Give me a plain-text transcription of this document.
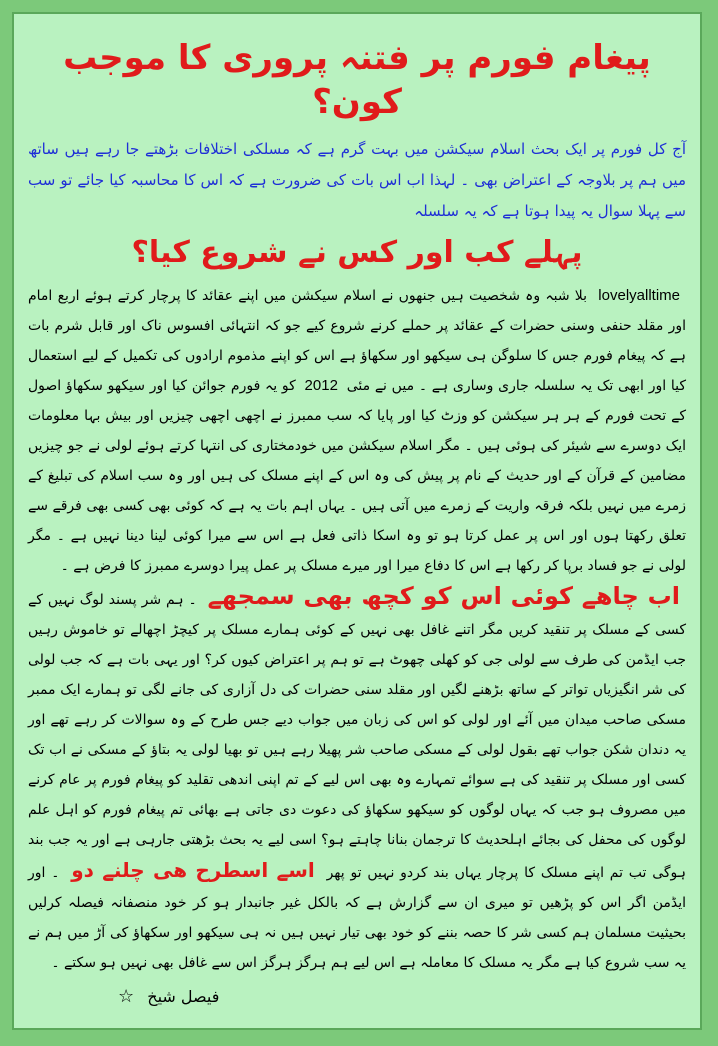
پیغام فورم پر فتنہ پروری کا موجب کون؟

آج کل فورم پر ایک بحث اسلام سیکشن میں بہت گرم ہے کہ مسلکی اختلافات بڑھتے جا رہے ہیں ساتھ میں ہم پر بلاوجہ کے اعتراض بھی ۔ لہذا اب اس بات کی ضرورت ہے کہ اس کا محاسبہ کیا جائے تو سب سے پہلا سوال یہ پیدا ہوتا ہے کہ یہ سلسلہ

پہلے کب اور کس نے شروع کیا؟

lovelyalltime بلا شبہ وہ شخصیت ہیں جنھوں نے اسلام سیکشن میں اپنے عقائد کا پرچار کرتے ہوئے اربع امام اور مقلد حنفی وسنی حضرات کے عقائد پر حملے کرنے شروع کیے جو کہ انتہائی افسوس ناک اور قابل شرم بات ہے کہ پیغام فورم جس کا سلوگن ہی سیکھو اور سکھاؤ ہے اس کو اپنے مذموم ارادوں کی تکمیل کے لیے استعمال کیا اور ابھی تک یہ سلسلہ جاری وساری ہے ۔ میں نے مئی 2012 کو یہ فورم جوائن کیا اور سیکھو سکھاؤ اصول کے تحت فورم کے ہر ہر سیکشن کو وزٹ کیا اور پایا کہ سب ممبرز نے اچھی اچھی چیزیں اور بیش بہا معلومات ایک دوسرے سے شیئر کی ہوئی ہیں ۔ مگر اسلام سیکشن میں خودمختاری کی انتہا کرتے ہوئے لولی نے جو چیزیں مضامین کے قرآن کے اور حدیث کے نام پر پیش کی وہ اس کے اپنے مسلک کی ہیں اور وہ سب اسلام کی تبلیغ کے زمرے میں نہیں بلکہ فرقہ واریت کے زمرے میں آتی ہیں ۔ یہاں اہم بات یہ ہے کہ کوئی بھی کسی بھی فرقے سے تعلق رکھتا ہوں اور اس پر عمل کرتا ہو تو وہ اسکا ذاتی فعل ہے اس سے میرا کوئی لینا دینا نہیں ہے ۔ مگر لولی نے جو فساد برپا کر رکھا ہے اس کا دفاع میرا اور میرے مسلک پر عمل پیرا دوسرے ممبرز کا فرض ہے ۔

اب چاھے کوئی اس کو کچھ بھی سمجھے ۔ ہم شر پسند لوگ نہیں کے کسی کے مسلک پر تنقید کریں مگر اتنے غافل بھی نہیں کے کوئی ہمارے مسلک پر کیچڑ اچھالے تو خاموش رہیں جب ایڈمن کی طرف سے لولی جی کو کھلی چھوٹ ہے تو ہم پر اعتراض کیوں کر؟ اور یہی بات ہے کہ جب لولی کی شر انگیزیاں تواتر کے ساتھ بڑھنے لگیں اور مقلد سنی حضرات کی دل آزاری کی جانے لگی تو ہمارے ایک ممبر مسکی صاحب میدان میں آئے اور لولی کو اس کی زبان میں جواب دیے جس طرح کے وہ سوالات کر رہے تھے اور یہ دندان شکن جواب تھے بقول لولی کے مسکی صاحب شر پھیلا رہے ہیں تو بھیا لولی یہ بتاؤ کے مسکی نے اب تک کسی اور مسلک پر تنقید کی ہے سوائے تمہارے وہ بھی اس لیے کے تم اپنی اندھی تقلید کو پیغام فورم پر عام کرنے میں مصروف ہو جب کہ یہاں لوگوں کو سیکھو سکھاؤ کی دعوت دی جاتی ہے بھائی تم پیغام فورم کو اہل علم لوگوں کی محفل کی بجائے اہلحدیث کا ترجمان بنانا چاہتے ہو؟ اسی لیے یہ بحث بڑھتی جارہی ہے اور یہ جب بند ہوگی تب تم اپنے مسلک کا پرچار یہاں بند کردو نہیں تو پھر اسے اسطرح ھی چلنے دو ۔ اور ایڈمن اگر اس کو پڑھیں تو میری ان سے گزارش ہے کہ بالکل غیر جانبدار ہو کر خود منصفانہ فیصلہ کرلیں بحیثیت مسلمان ہم کسی شر کا حصہ بننے کو خود بھی تیار نہیں ہیں نہ ہی سیکھو اور سکھاؤ کی آڑ میں ہم نے یہ سب شروع کیا ہے مگر یہ مسلک کا معاملہ ہے اس لیے ہم ہرگز ہرگز اس سے غافل بھی نہیں ہو سکتے ۔

☆ فیصل شیخ
